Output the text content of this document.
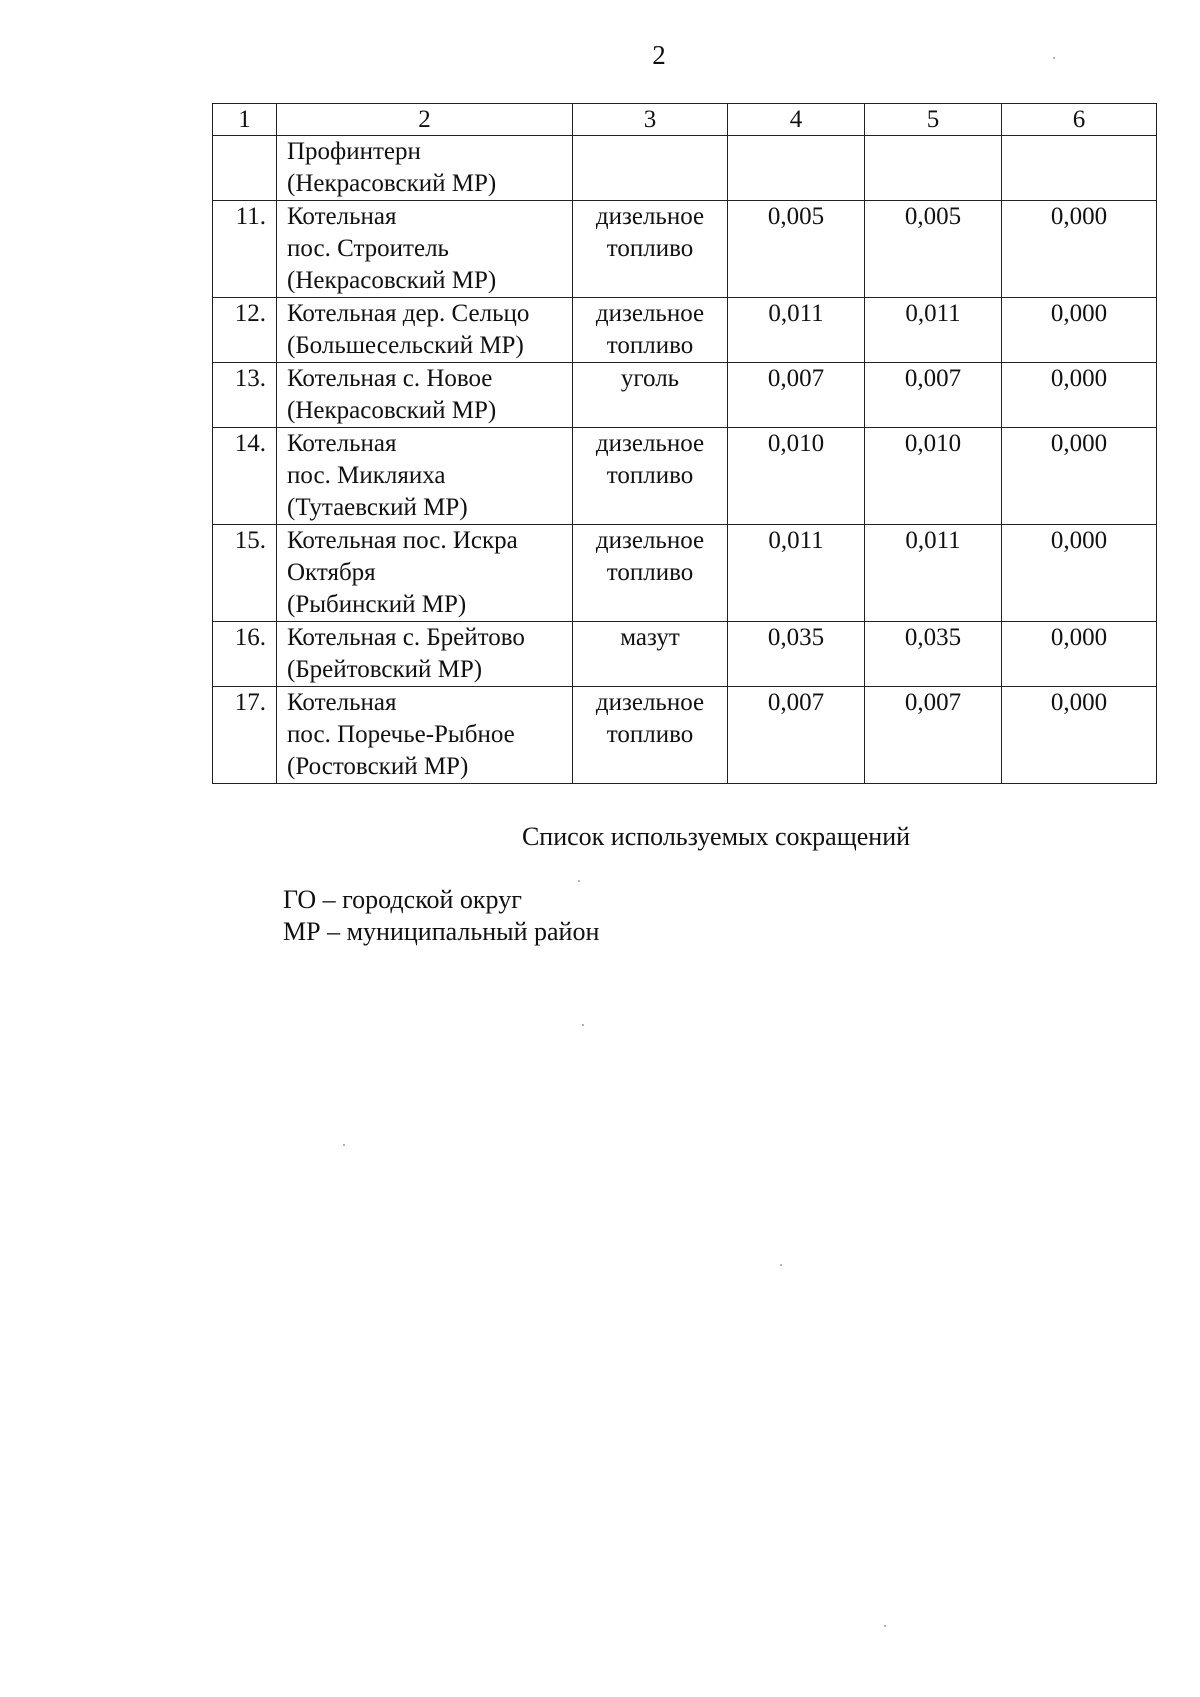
2
1	2	3	4	5	6

	Профинтерн
(Некрасовский МР)				

11.	Котельная
пос. Строитель
(Некрасовский МР)	дизельное
топливо	0,005	0,005	0,000
12.	Котельная дер. Сельцо
(Большесельский МР)	дизельное
топливо	0,011	0,011	0,000
13.	Котельная с. Новое
(Некрасовский МР)	уголь	0,007	0,007	0,000
14.	Котельная
пос. Микляиха
(Тутаевский МР)	дизельное
топливо	0,010	0,010	0,000
15.	Котельная пос. Искра
Октября
(Рыбинский МР)	дизельное
топливо	0,011	0,011	0,000
16.	Котельная с. Брейтово
(Брейтовский МР)	мазут	0,035	0,035	0,000
17.	Котельная
пос. Поречье-Рыбное
(Ростовский МР)	дизельное
топливо	0,007	0,007	0,000
Список используемых сокращений
ГО – городской округ
МР – муниципальный район
